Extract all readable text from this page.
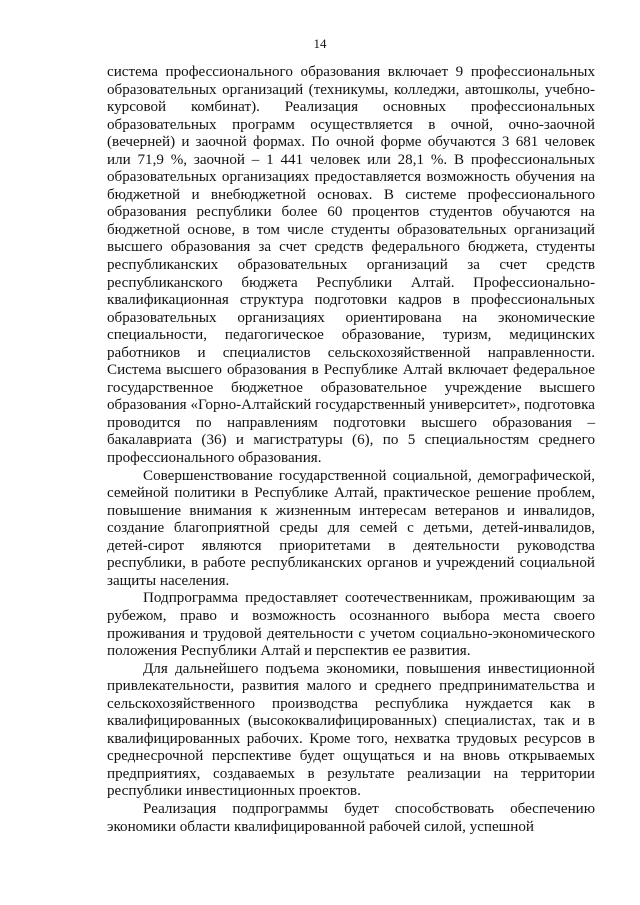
14

система профессионального образования включает 9 профессиональных образовательных организаций (техникумы, колледжи, автошколы, учебно-курсовой комбинат). Реализация основных профессиональных образовательных программ осуществляется в очной, очно-заочной (вечерней) и заочной формах. По очной форме обучаются 3 681 человек или 71,9 %, заочной – 1 441 человек или 28,1 %. В профессиональных образовательных организациях предоставляется возможность обучения на бюджетной и внебюджетной основах. В системе профессионального образования республики более 60 процентов студентов обучаются на бюджетной основе, в том числе студенты образовательных организаций высшего образования за счет средств федерального бюджета, студенты республиканских образовательных организаций за счет средств республиканского бюджета Республики Алтай. Профессионально-квалификационная структура подготовки кадров в профессиональных образовательных организациях ориентирована на экономические специальности, педагогическое образование, туризм, медицинских работников и специалистов сельскохозяйственной направленности. Система высшего образования в Республике Алтай включает федеральное государственное бюджетное образовательное учреждение высшего образования «Горно-Алтайский государственный университет», подготовка проводится по направлениям подготовки высшего образования – бакалавриата (36) и магистратуры (6), по 5 специальностям среднего профессионального образования.

Совершенствование государственной социальной, демографической, семейной политики в Республике Алтай, практическое решение проблем, повышение внимания к жизненным интересам ветеранов и инвалидов, создание благоприятной среды для семей с детьми, детей-инвалидов, детей-сирот являются приоритетами в деятельности руководства республики, в работе республиканских органов и учреждений социальной защиты населения.

Подпрограмма предоставляет соотечественникам, проживающим за рубежом, право и возможность осознанного выбора места своего проживания и трудовой деятельности с учетом социально-экономического положения Республики Алтай и перспектив ее развития.

Для дальнейшего подъема экономики, повышения инвестиционной привлекательности, развития малого и среднего предпринимательства и сельскохозяйственного производства республика нуждается как в квалифицированных (высококвалифицированных) специалистах, так и в квалифицированных рабочих. Кроме того, нехватка трудовых ресурсов в среднесрочной перспективе будет ощущаться и на вновь открываемых предприятиях, создаваемых в результате реализации на территории республики инвестиционных проектов.

Реализация подпрограммы будет способствовать обеспечению экономики области квалифицированной рабочей силой, успешной
